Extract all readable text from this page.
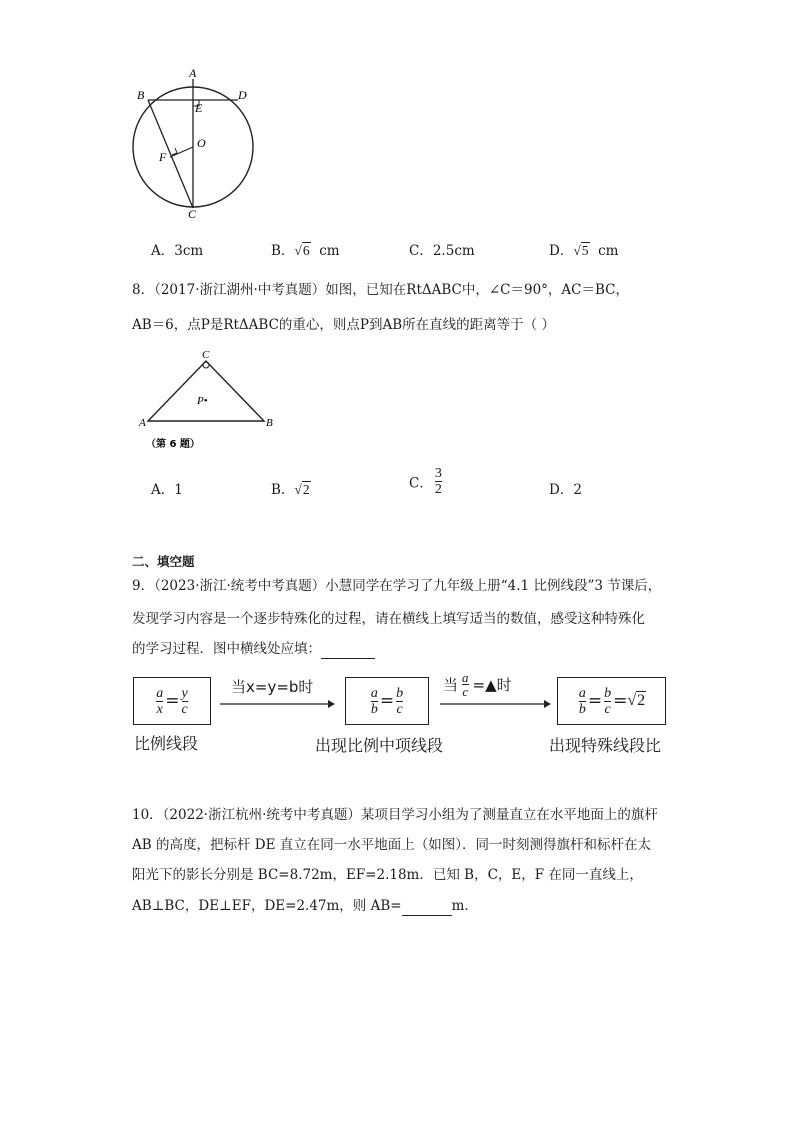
A
B	D
E
O
F
C
A．3cm	B．√6 cm	C．2.5cm	D．√5 cm
8．（2017·浙江湖州·中考真题）如图，已知在RtΔABC中，∠C＝90°，AC＝BC，
AB＝6，点P是RtΔABC的重心，则点P到AB所在直线的距离等于（ ）
C
A	B
P•
（第 6 题）
A．1	B．√2	C． $\frac{3}{2}$	D．2
二、填空题
9．（2023·浙江·统考中考真题）小慧同学在学习了九年级上册“4.1 比例线段”3 节课后，
发现学习内容是一个逐步特殊化的过程，请在横线上填写适当的数值，感受这种特殊化
的学习过程．图中横线处应填：
$\frac{a}{x} = \frac{y}{c}$	当x=y=b时	$\frac{a}{b} = \frac{b}{c}$
当 $\frac{a}{c}$ =▲时
$\frac{a}{b} = \frac{b}{c} = √2$
比例线段	出现比例中项线段	出现特殊线段比
10．（2022·浙江杭州·统考中考真题）某项目学习小组为了测量直立在水平地面上的旗杆
AB 的高度，把标杆 DE 直立在同一水平地面上（如图）．同一时刻测得旗杆和标杆在太
阳光下的影长分别是 BC=8.72m，EF=2.18m．已知 B，C，E，F 在同一直线上，
AB⊥BC，DE⊥EF，DE=2.47m，则 AB=	m．
